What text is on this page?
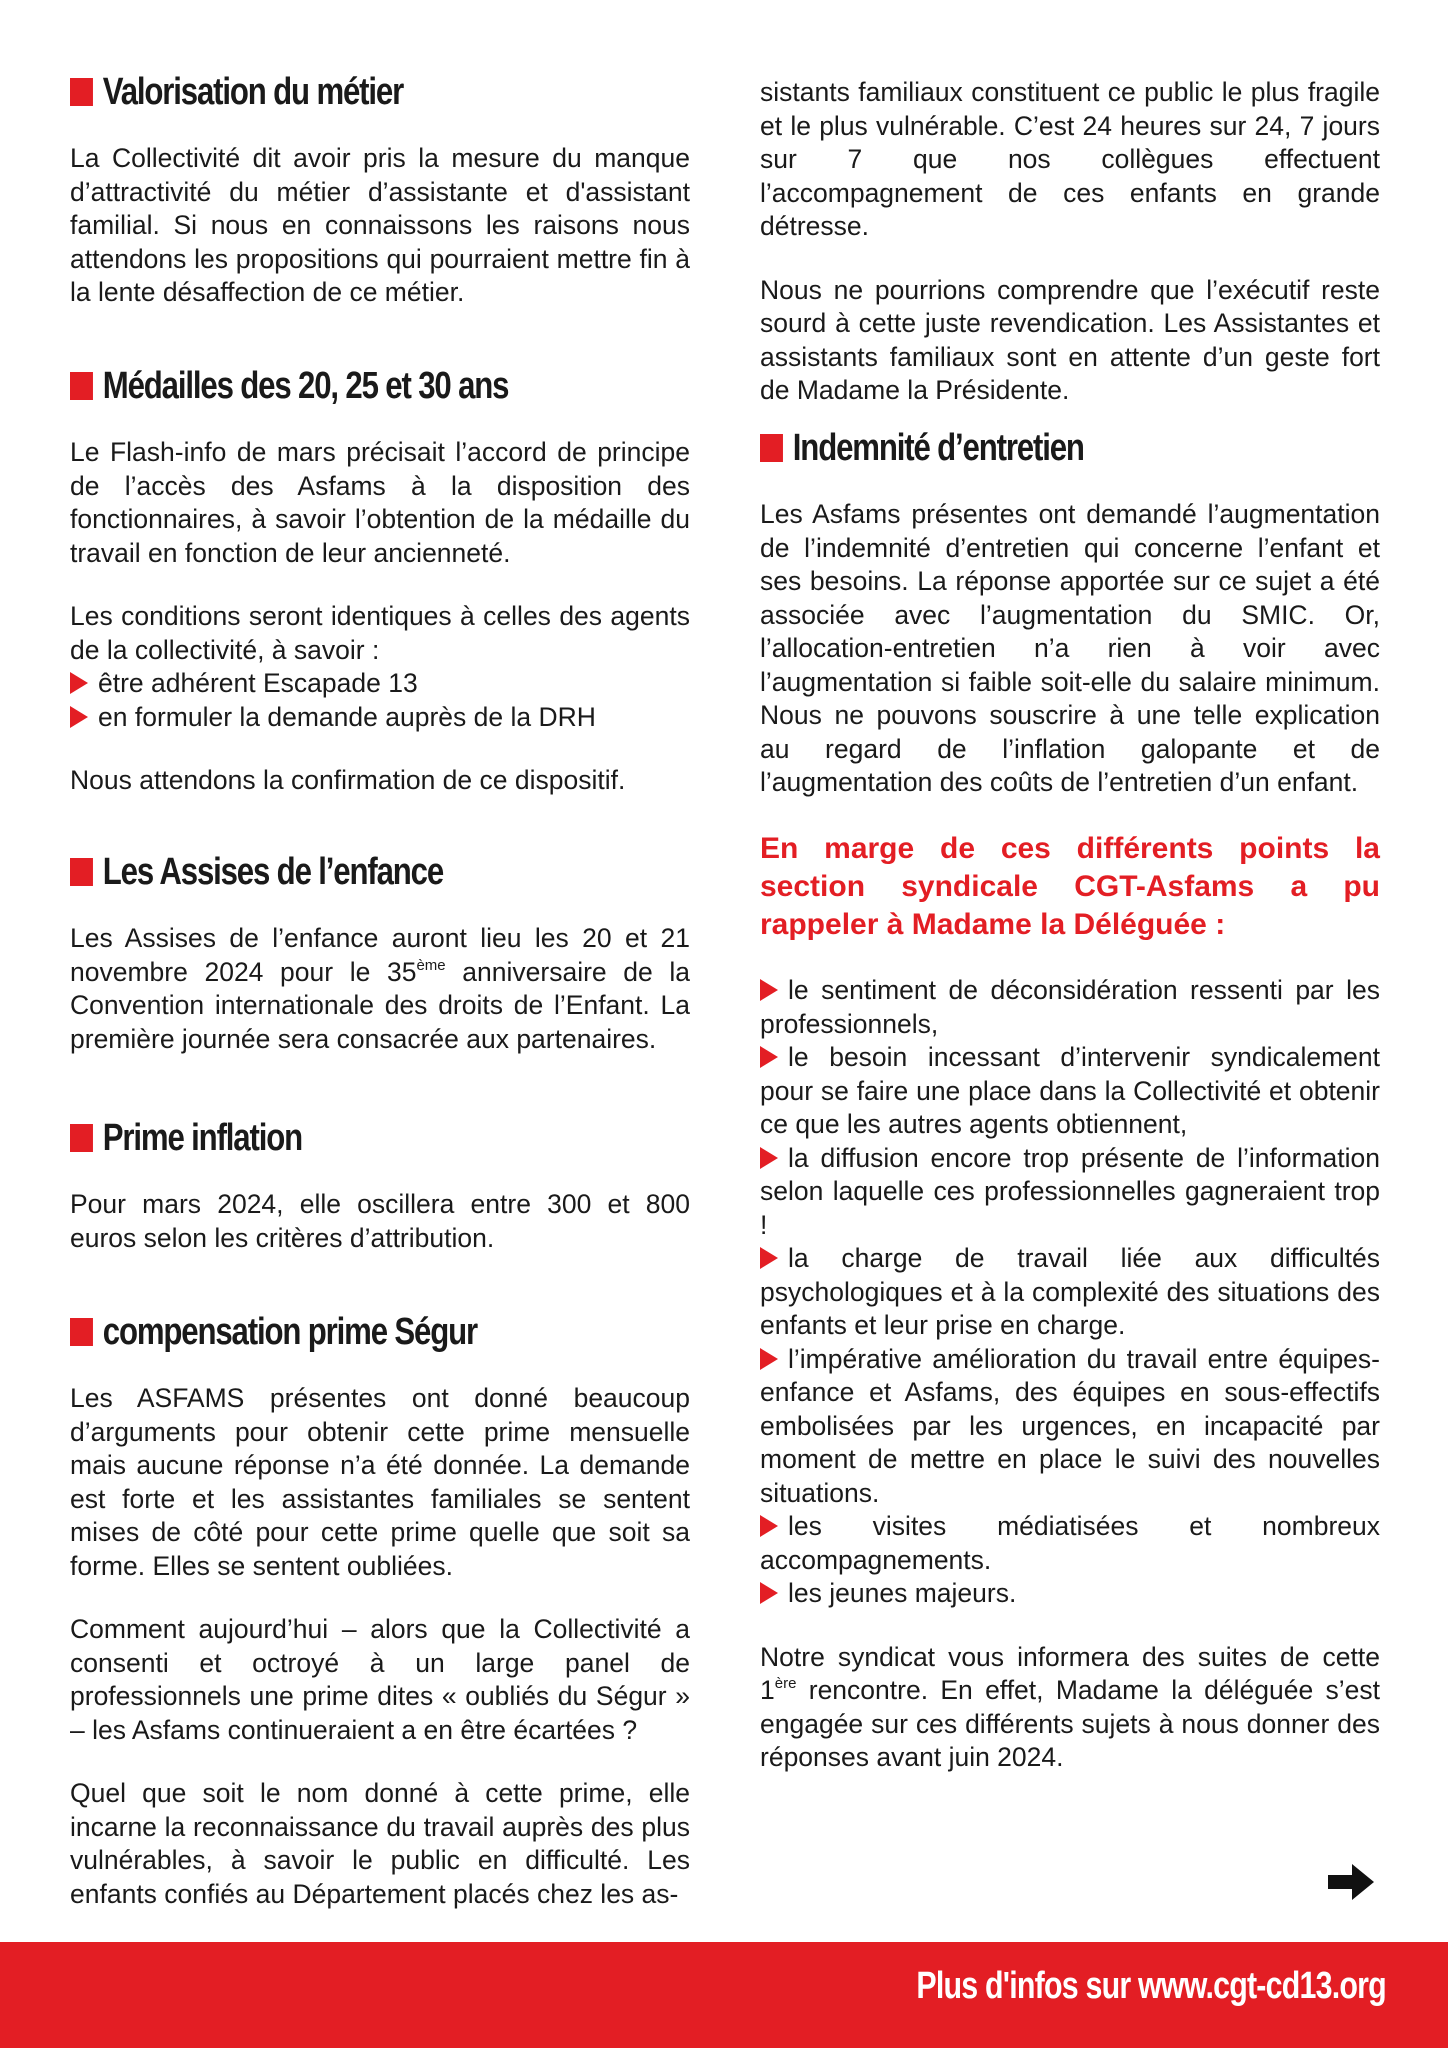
Valorisation du métier

La Collectivité dit avoir pris la mesure du manque d’attractivité du métier d’assistante et d'assistant familial. Si nous en connaissons les raisons nous attendons les propositions qui pourraient mettre fin à la lente désaffection de ce métier.

Médailles des 20, 25 et 30 ans

Le Flash-info de mars précisait l’accord de principe de l’accès des Asfams à la disposition des fonctionnaires, à savoir l’obtention de la médaille du travail en fonction de leur ancienneté.

Les conditions seront identiques à celles des agents de la collectivité, à savoir :

être adhérent Escapade 13

en formuler la demande auprès de la DRH

Nous attendons la confirmation de ce dispositif.

Les Assises de l’enfance

Les Assises de l’enfance auront lieu les 20 et 21 novembre 2024 pour le 35ème anniversaire de la Convention internationale des droits de l’Enfant. La première journée sera consacrée aux partenaires.

Prime inflation

Pour mars 2024, elle oscillera entre 300 et 800 euros selon les critères d’attribution.

compensation prime Ségur

Les ASFAMS présentes ont donné beaucoup d’arguments pour obtenir cette prime mensuelle mais aucune réponse n’a été donnée. La demande est forte et les assistantes familiales se sentent mises de côté pour cette prime quelle que soit sa forme. Elles se sentent oubliées.

Comment aujourd’hui – alors que la Collectivité a consenti et octroyé à un large panel de professionnels une prime dites « oubliés du Ségur » – les Asfams continueraient a en être écartées ?

Quel que soit le nom donné à cette prime, elle incarne la reconnaissance du travail auprès des plus vulnérables, à savoir le public en difficulté. Les enfants confiés au Département placés chez les as-

sistants familiaux constituent ce public le plus fragile et le plus vulnérable. C’est 24 heures sur 24, 7 jours sur 7 que nos collègues effectuent l’accompagnement de ces enfants en grande détresse.

Nous ne pourrions comprendre que l’exécutif reste sourd à cette juste revendication. Les Assistantes et assistants familiaux sont en attente d’un geste fort de Madame la Présidente.

Indemnité d’entretien

Les Asfams présentes ont demandé l’augmentation de l’indemnité d’entretien qui concerne l’enfant et ses besoins. La réponse apportée sur ce sujet a été associée avec l’augmentation du SMIC. Or, l’allocation-entretien n’a rien à voir avec l’augmentation si faible soit-elle du salaire minimum. Nous ne pouvons souscrire à une telle explication au regard de l’inflation galopante et de l’augmentation des coûts de l’entretien d’un enfant.

En marge de ces différents points la section syndicale CGT-Asfams a pu rappeler à Madame la Déléguée :

le sentiment de déconsidération ressenti par les professionnels,

le besoin incessant d’intervenir syndicalement pour se faire une place dans la Collectivité et obtenir ce que les autres agents obtiennent,

la diffusion encore trop présente de l’information selon laquelle ces professionnelles gagneraient trop !

la charge de travail liée aux difficultés psychologiques et à la complexité des situations des enfants et leur prise en charge.

l’impérative amélioration du travail entre équipes-enfance et Asfams, des équipes en sous-effectifs embolisées par les urgences, en incapacité par moment de mettre en place le suivi des nouvelles situations.

les visites médiatisées et nombreux accompagnements.

les jeunes majeurs.

Notre syndicat vous informera des suites de cette 1ère rencontre. En effet, Madame la déléguée s’est engagée sur ces différents sujets à nous donner des réponses avant juin 2024.

Plus d'infos sur www.cgt-cd13.org
